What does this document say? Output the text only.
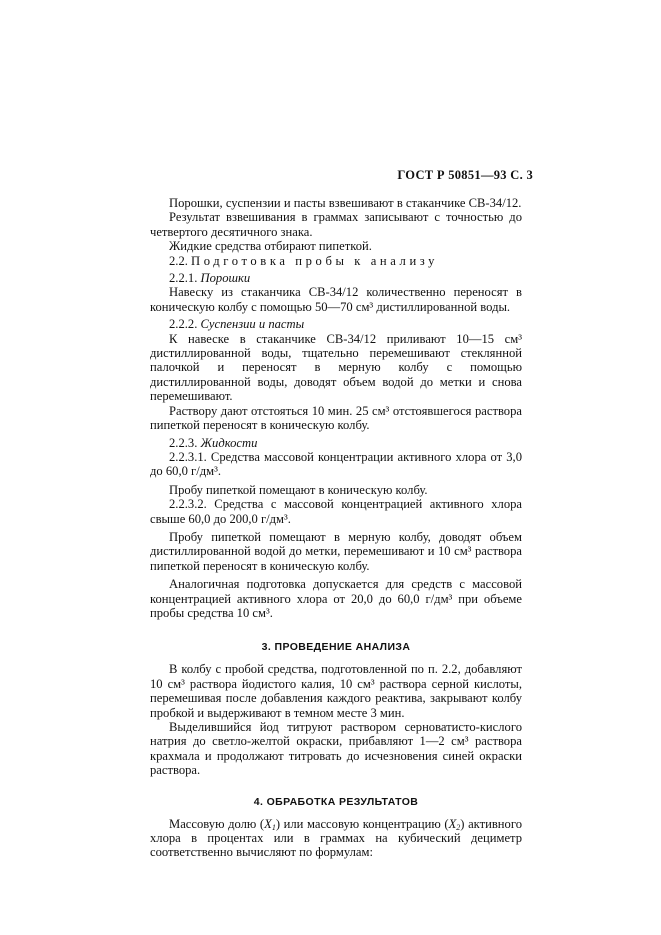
ГОСТ Р 50851—93 С. 3

Порошки, суспензии и пасты взвешивают в стаканчике СВ-34/12.

Результат взвешивания в граммах записывают с точностью до четвертого десятичного знака.

Жидкие средства отбирают пипеткой.

2.2. Подготовка пробы к анализу

2.2.1. Порошки

Навеску из стаканчика СВ-34/12 количественно переносят в коническую колбу с помощью 50—70 см³ дистиллированной воды.

2.2.2. Суспензии и пасты

К навеске в стаканчике СВ-34/12 приливают 10—15 см³ дистиллированной воды, тщательно перемешивают стеклянной палочкой и переносят в мерную колбу с помощью дистиллированной воды, доводят объем водой до метки и снова перемешивают.

Раствору дают отстояться 10 мин. 25 см³ отстоявшегося раствора пипеткой переносят в коническую колбу.

2.2.3. Жидкости

2.2.3.1. Средства массовой концентрации активного хлора от 3,0 до 60,0 г/дм³.

Пробу пипеткой помещают в коническую колбу.

2.2.3.2. Средства с массовой концентрацией активного хлора свыше 60,0 до 200,0 г/дм³.

Пробу пипеткой помещают в мерную колбу, доводят объем дистиллированной водой до метки, перемешивают и 10 см³ раствора пипеткой переносят в коническую колбу.

Аналогичная подготовка допускается для средств с массовой концентрацией активного хлора от 20,0 до 60,0 г/дм³ при объеме пробы средства 10 см³.

3. ПРОВЕДЕНИЕ АНАЛИЗА

В колбу с пробой средства, подготовленной по п. 2.2, добавляют 10 см³ раствора йодистого калия, 10 см³ раствора серной кислоты, перемешивая после добавления каждого реактива, закрывают колбу пробкой и выдерживают в темном месте 3 мин.

Выделившийся йод титруют раствором серноватисто-кислого натрия до светло-желтой окраски, прибавляют 1—2 см³ раствора крахмала и продолжают титровать до исчезновения синей окраски раствора.

4. ОБРАБОТКА РЕЗУЛЬТАТОВ

Массовую долю $(X_1)$ или массовую концентрацию $(X_2)$ активного хлора в процентах или в граммах на кубический дециметр соответственно вычисляют по формулам:
